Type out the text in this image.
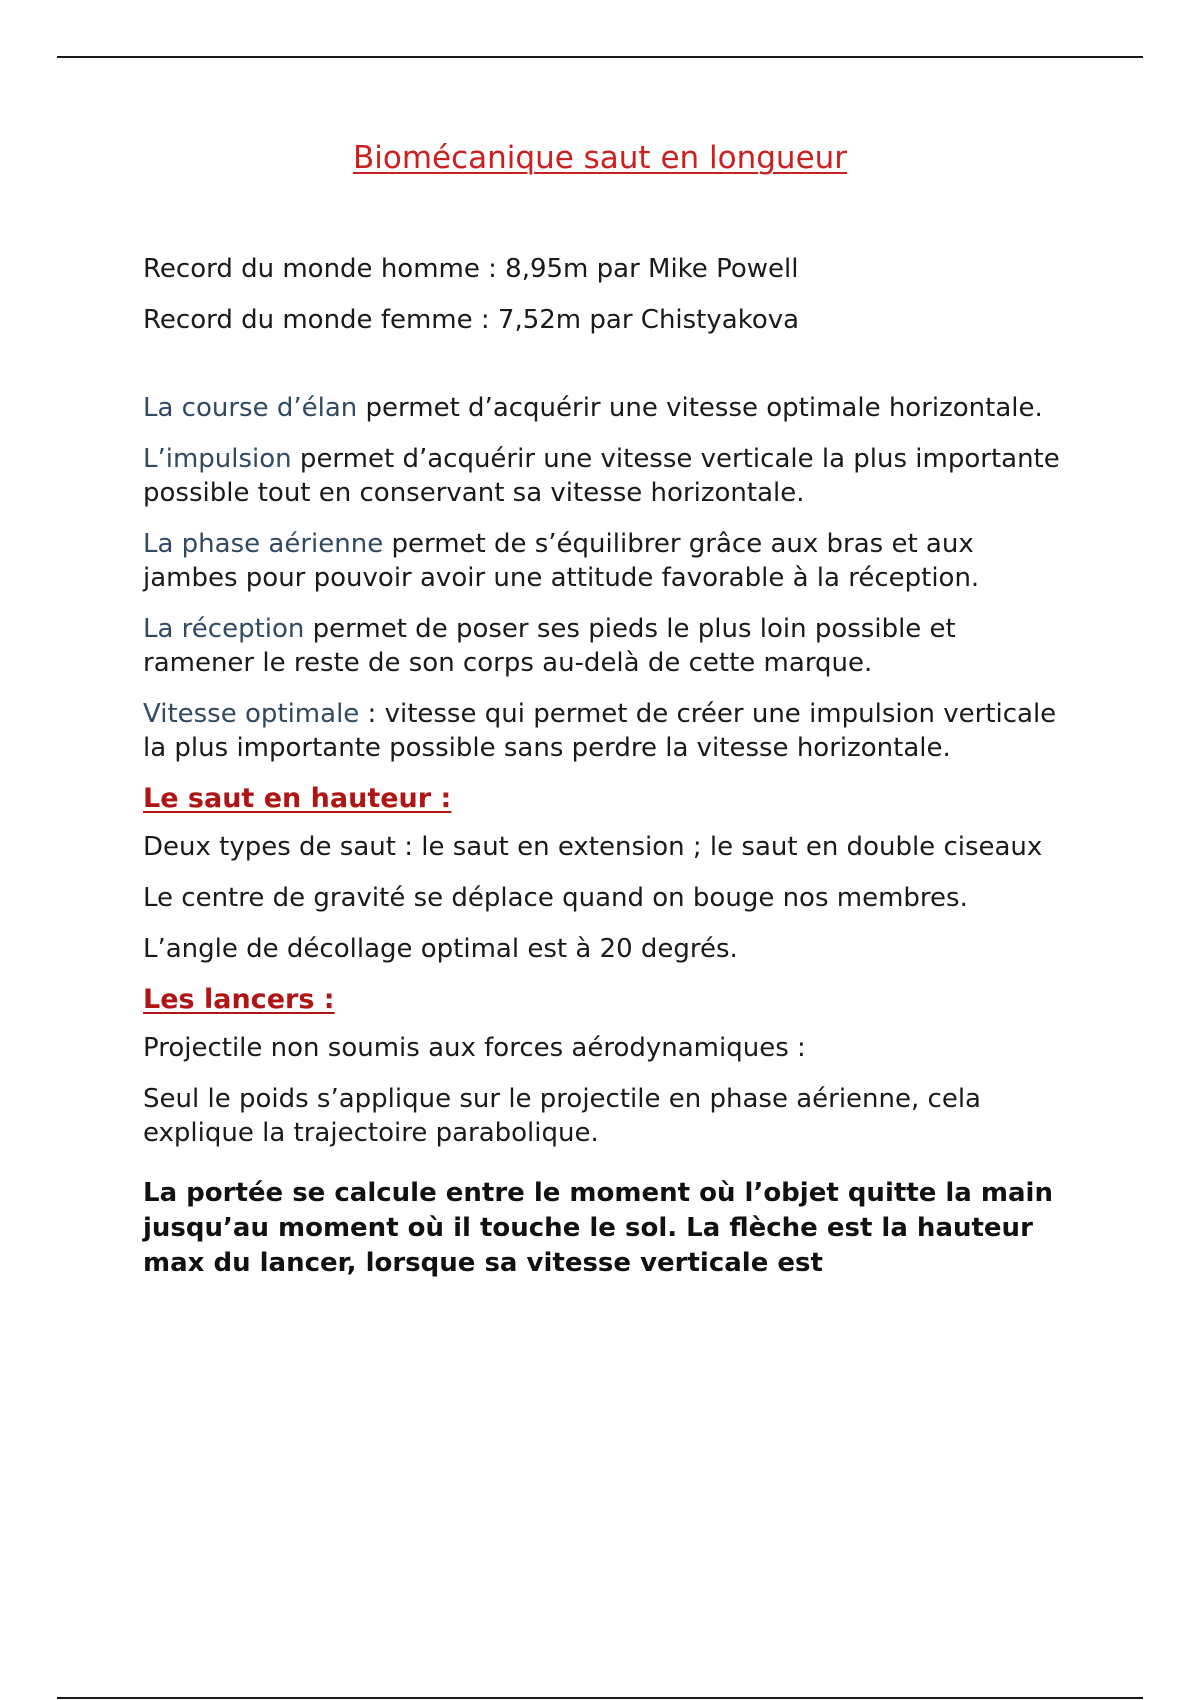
Biomécanique saut en longueur

Record du monde homme : 8,95m par Mike Powell

Record du monde femme : 7,52m par Chistyakova

La course d’élan permet d’acquérir une vitesse optimale horizontale.

L’impulsion permet d’acquérir une vitesse verticale la plus importante possible tout en conservant sa vitesse horizontale.

La phase aérienne permet de s’équilibrer grâce aux bras et aux jambes pour pouvoir avoir une attitude favorable à la réception.

La réception permet de poser ses pieds le plus loin possible et ramener le reste de son corps au-delà de cette marque.

Vitesse optimale : vitesse qui permet de créer une impulsion verticale la plus importante possible sans perdre la vitesse horizontale.

Le saut en hauteur :

Deux types de saut : le saut en extension ; le saut en double ciseaux

Le centre de gravité se déplace quand on bouge nos membres.

L’angle de décollage optimal est à 20 degrés.

Les lancers :

Projectile non soumis aux forces aérodynamiques :

Seul le poids s’applique sur le projectile en phase aérienne, cela explique la trajectoire parabolique.

La portée se calcule entre le moment où l’objet quitte la main jusqu’au moment où il touche le sol. La flèche est la hauteur max du lancer, lorsque sa vitesse verticale est
